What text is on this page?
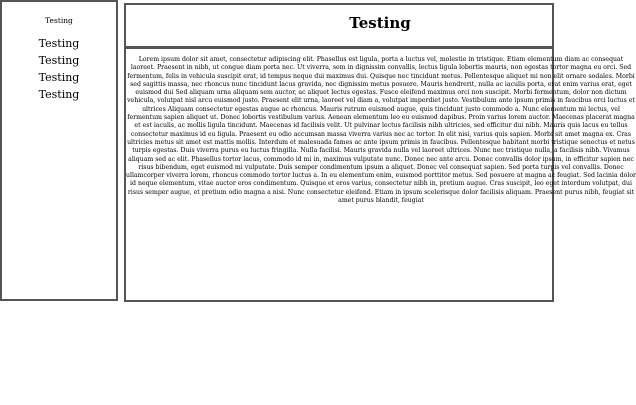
Testing
Testing
Testing
Testing
Testing
Testing

Lorem ipsum dolor sit amet, consectetur adipiscing elit. Phasellus est ligula, porta a luctus vel, molestie in tristique. Etiam elementum diam ac consequat laoreet. Praesent in nibh, ut congue diam porta nec. Ut viverra, sem in dignissim convallis, lectus ligula lobortis mauris, non egestas tortor magna eu orci. Sed fermentum, felis in vehicula suscipit erat, id tempus neque dui maximus dui. Quisque nec tincidunt metus. Pellentesque aliquet mi non elit ornare sodales. Morbi sed sagittis massa, nec rhoncus nunc tincidunt lacus gravida, nec dignissim metus posuere. Mauris hendrerit, nulla ac iaculis porta, erat enim varius erat, eget euismod dui Sed aliquam urna aliquam sem auctor, ac aliquet lectus egestas. Fusce eleifend maximus orci non suscipit. Morbi fermentum, dolor non dictum vehicula, volutpat nisl arcu euismod justo. Praesent elit urna, laoreet vel diam a, volutpat imperdiet justo. Vestibulum ante ipsum primis in faucibus orci luctus et ultrices Aliquam consectetur egestas augue ac rhoncus. Mauris rutrum euismod augue, quis tincidunt justo commodo a. Nunc elementum mi lectus, vel fermentum sapien aliquet ut. Donec lobortis vestibulum varius. Aenean elementum leo eu euismod dapibus. Proin varius lorem auctor. Maecenas placerat magna et est iaculis, ac mollis ligula tincidunt. Maecenas id facilisis velit. Ut pulvinar lectus facilisis nibh ultricies, sed efficitur dui nibh. Mauris quis lacus eu tellus consectetur maximus id eu ligula. Praesent eu odio accumsan massa viverra varius nec ac tortor. In elit nisi, varius quis sapien. Morbi sit amet magna ex. Cras ultricies metus sit amet est mattis mollis. Interdum et malesuada fames ac ante ipsum primis in faucibus. Pellentesque habitant morbi tristique senectus et netus turpis egestas. Duis viverra purus eu luctus fringilla. Nulla facilisi. Mauris gravida nulla vel laoreet ultrices. Nunc nec tristique nulla, a facilisis nibh. Vivamus aliquam sed ac elit. Phasellus tortor lacus, commodo id mi in, maximus vulputate nunc. Donec nec ante arcu. Donec convallis dolor ipsum, in efficitur sapien nec risus bibendum, eget euismod mi vulputate. Duis semper condimentum ipsum a aliquet. Donec vel consequat sapien. Sed porta turpis vel convallis. Donec ullamcorper viverra lorem, rhoncus commodo tortor luctus a. In eu elementum enim, euismod porttitor metus. Sed posuere at magna ac feugiat. Sed lacinia dolor id neque elementum, vitae auctor eros condimentum. Quisque et eros varius, consectetur nibh in, pretium augue. Cras suscipit, leo eget interdum volutpat, dui risus semper augue, et pretium odio magna a nisi. Nunc consectetur eleifend. Etiam in ipsum scelerisque dolor facilisis aliquam. Praesent purus nibh, feugiat sit amet purus blandit, feugiat
